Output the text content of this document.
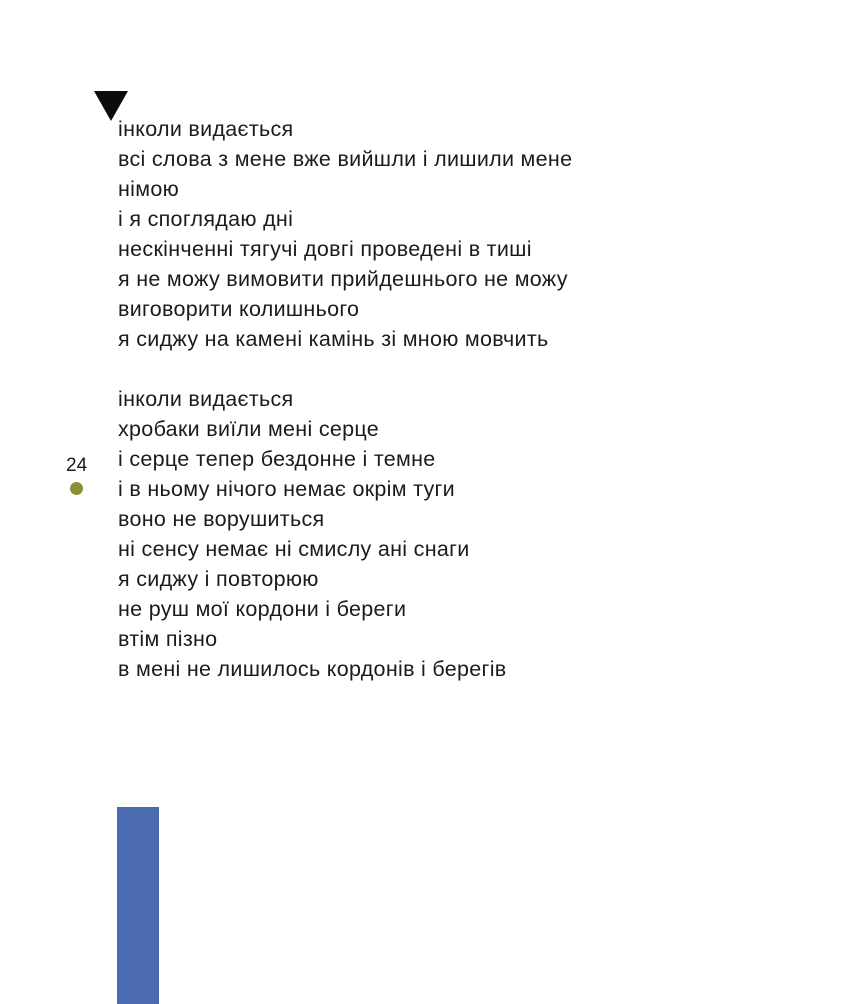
інколи видається
всі слова з мене вже вийшли і лишили мене
німою
і я споглядаю дні
нескінченні тягучі довгі проведені в тиші
я не можу вимовити прийдешнього не можу
виговорити колишнього
я сиджу на камені камінь зі мною мовчить
інколи видається
хробаки виїли мені серце
і серце тепер бездонне і темне
і в ньому нічого немає окрім туги
воно не ворушиться
ні сенсу немає ні смислу ані снаги
я сиджу і повторюю
не руш мої кордони і береги
втім пізно
в мені не лишилось кордонів і берегів
24
